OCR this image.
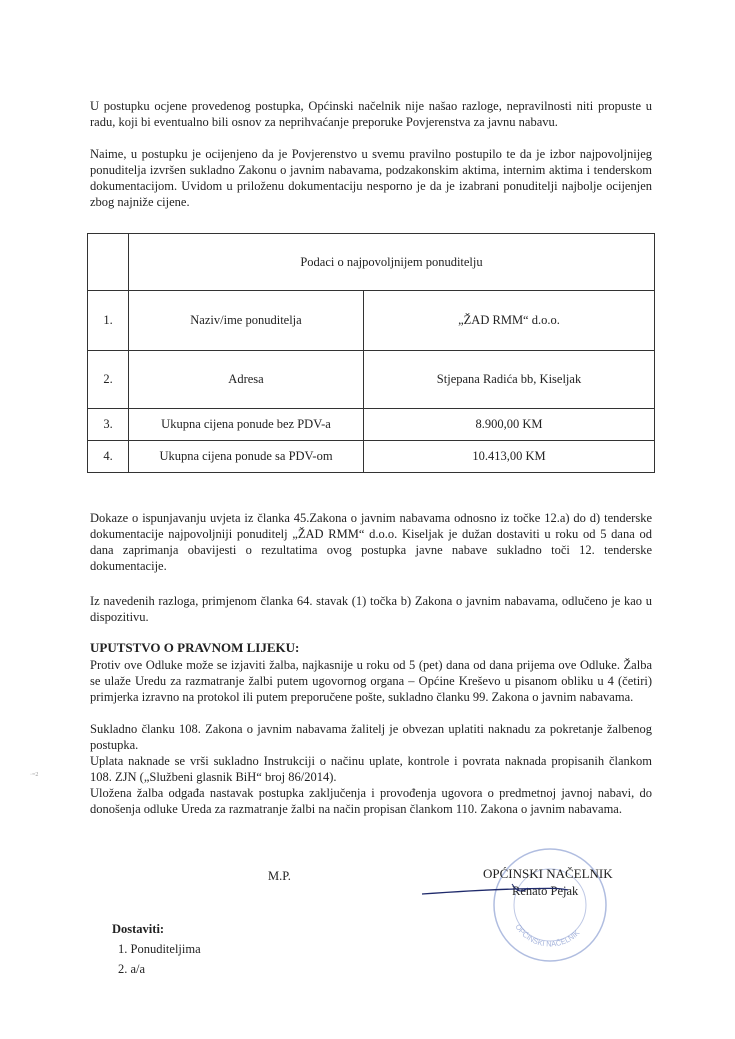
U postupku ocjene provedenog postupka, Općinski načelnik nije našao razloge, nepravilnosti niti propuste u radu, koji bi eventualno bili osnov za neprihvaćanje preporuke Povjerenstva za javnu nabavu.
Naime, u postupku je ocijenjeno da je Povjerenstvo u svemu pravilno postupilo te da je izbor najpovoljnijeg ponuditelja izvršen sukladno Zakonu o javnim nabavama, podzakonskim aktima, internim aktima i tenderskom dokumentacijom. Uvidom u priloženu dokumentaciju nesporno je da je izabrani ponuditelji najbolje ocijenjen zbog najniže cijene.
	Podaci o najpovoljnijem ponuditelju	
1.	Naziv/ime ponuditelja	„ŽAD RMM“ d.o.o.
2.	Adresa	Stjepana Radića bb, Kiseljak
3.	Ukupna cijena ponude bez PDV-a	8.900,00 KM
4.	Ukupna cijena ponude sa PDV-om	10.413,00 KM
Dokaze o ispunjavanju uvjeta iz članka 45.Zakona o javnim nabavama odnosno iz točke 12.a) do d) tenderske dokumentacije najpovoljniji ponuditelj „ŽAD RMM“ d.o.o. Kiseljak je dužan dostaviti u roku od 5 dana od dana zaprimanja obavijesti o rezultatima ovog postupka javne nabave sukladno toči 12. tenderske dokumentacije.
Iz navedenih razloga, primjenom članka 64. stavak (1) točka b) Zakona o javnim nabavama, odlučeno je kao u dispozitivu.
UPUTSTVO O PRAVNOM LIJEKU:
Protiv ove Odluke može se izjaviti žalba, najkasnije u roku od 5 (pet) dana od dana prijema ove Odluke. Žalba se ulaže Uredu za razmatranje žalbi putem ugovornog organa – Općine Kreševo u pisanom obliku u 4 (četiri) primjerka izravno na protokol ili putem preporučene pošte, sukladno članku 99. Zakona o javnim nabavama.
Sukladno članku 108. Zakona o javnim nabavama žalitelj je obvezan uplatiti naknadu za pokretanje žalbenog postupka.
Uplata naknade se vrši sukladno Instrukciji o načinu uplate, kontrole i povrata naknada propisanih člankom 108. ZJN („Službeni glasnik BiH“ broj 86/2014).
Uložena žalba odgađa nastavak postupka zaključenja i provođenja ugovora o predmetnoj javnoj nabavi, do donošenja odluke Ureda za razmatranje žalbi na način propisan člankom 110. Zakona o javnim nabavama.
·=2
OPĆINSKI NAČELNIK
M.P.	OPĆINSKI NAČELNIK
Renato Pejak
Dostaviti:
1. Ponuditeljima
2. a/a
